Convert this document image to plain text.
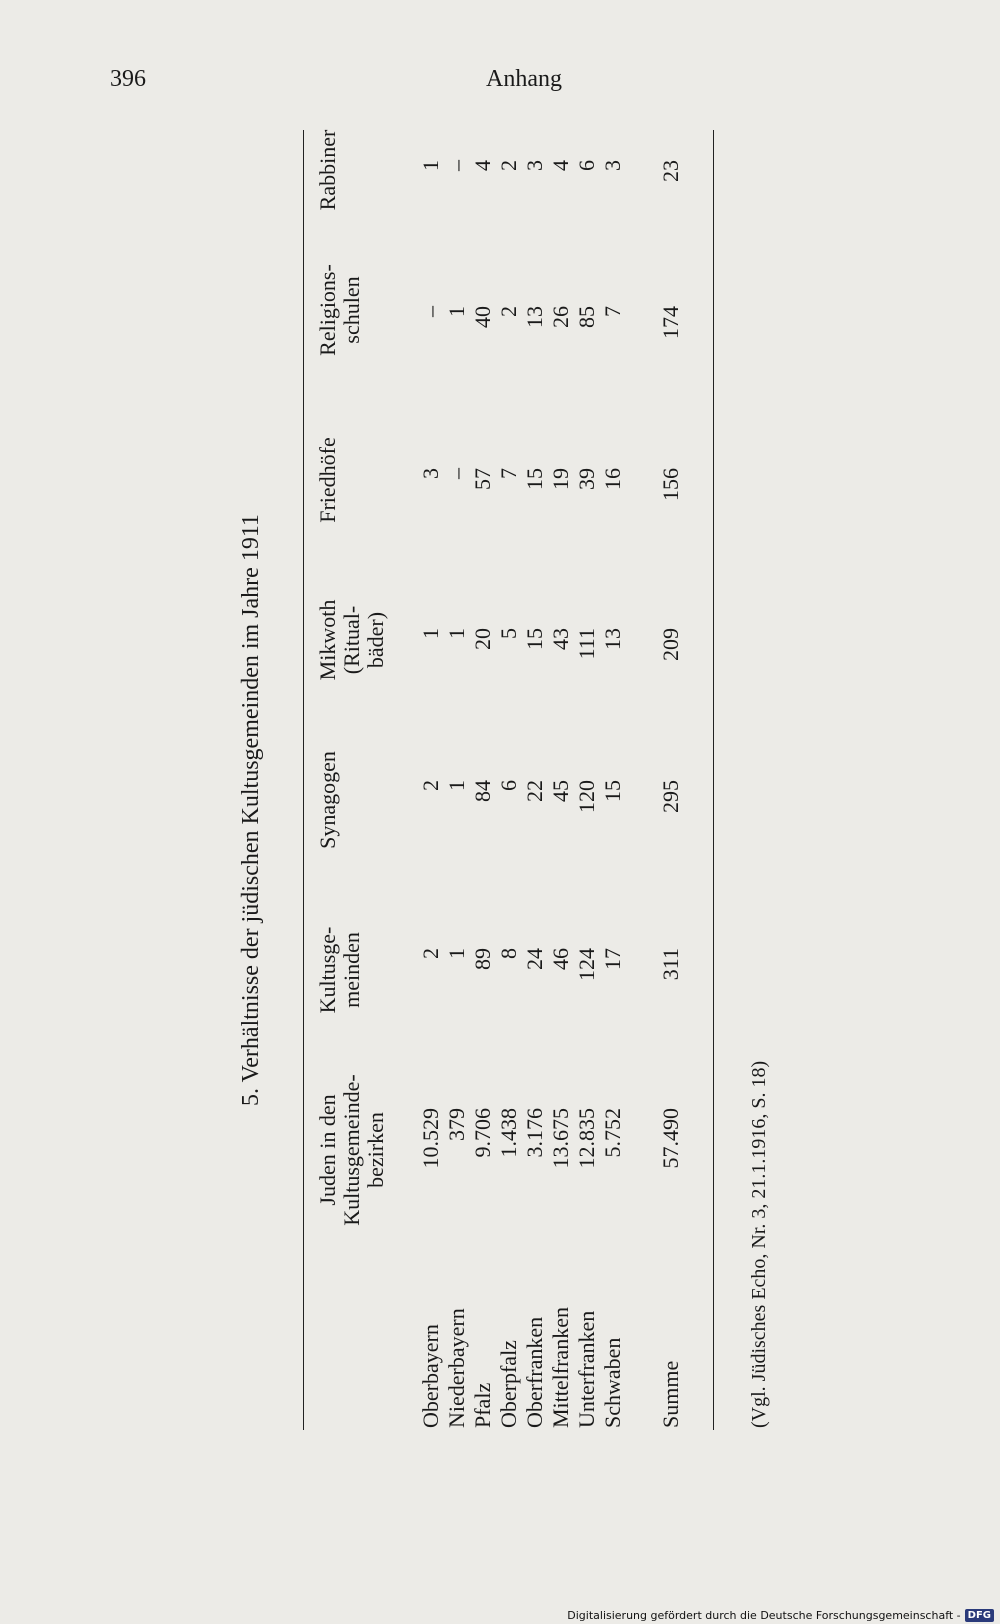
396	Anhang
5. Verhältnisse der jüdischen Kultusgemeinden im Jahre 1911
Juden in den Kultusgemeinde- bezirken
Kultusge- meinden
Synagogen
Mikwoth (Ritual- bäder)
Friedhöfe
Religions- schulen
Rabbiner
Oberbayern
10.529
2
2
1
3
–
1
Niederbayern
379
1
1
1
–
1
–
Pfalz
9.706
89
84
20
57
40
4
Oberpfalz
1.438
8
6
5
7
2
2
Oberfranken
3.176
24
22
15
15
13
3
Mittelfranken
13.675
46
45
43
19
26
4
Unterfranken
12.835
124
120
111
39
85
6
Schwaben
5.752
17
15
13
16
7
3
Summe
57.490
311
295
209
156
174
23
(Vgl. Jüdisches Echo, Nr. 3, 21.1.1916, S. 18)
Digitalisierung gefördert durch die Deutsche Forschungsgemeinschaft - DFG
